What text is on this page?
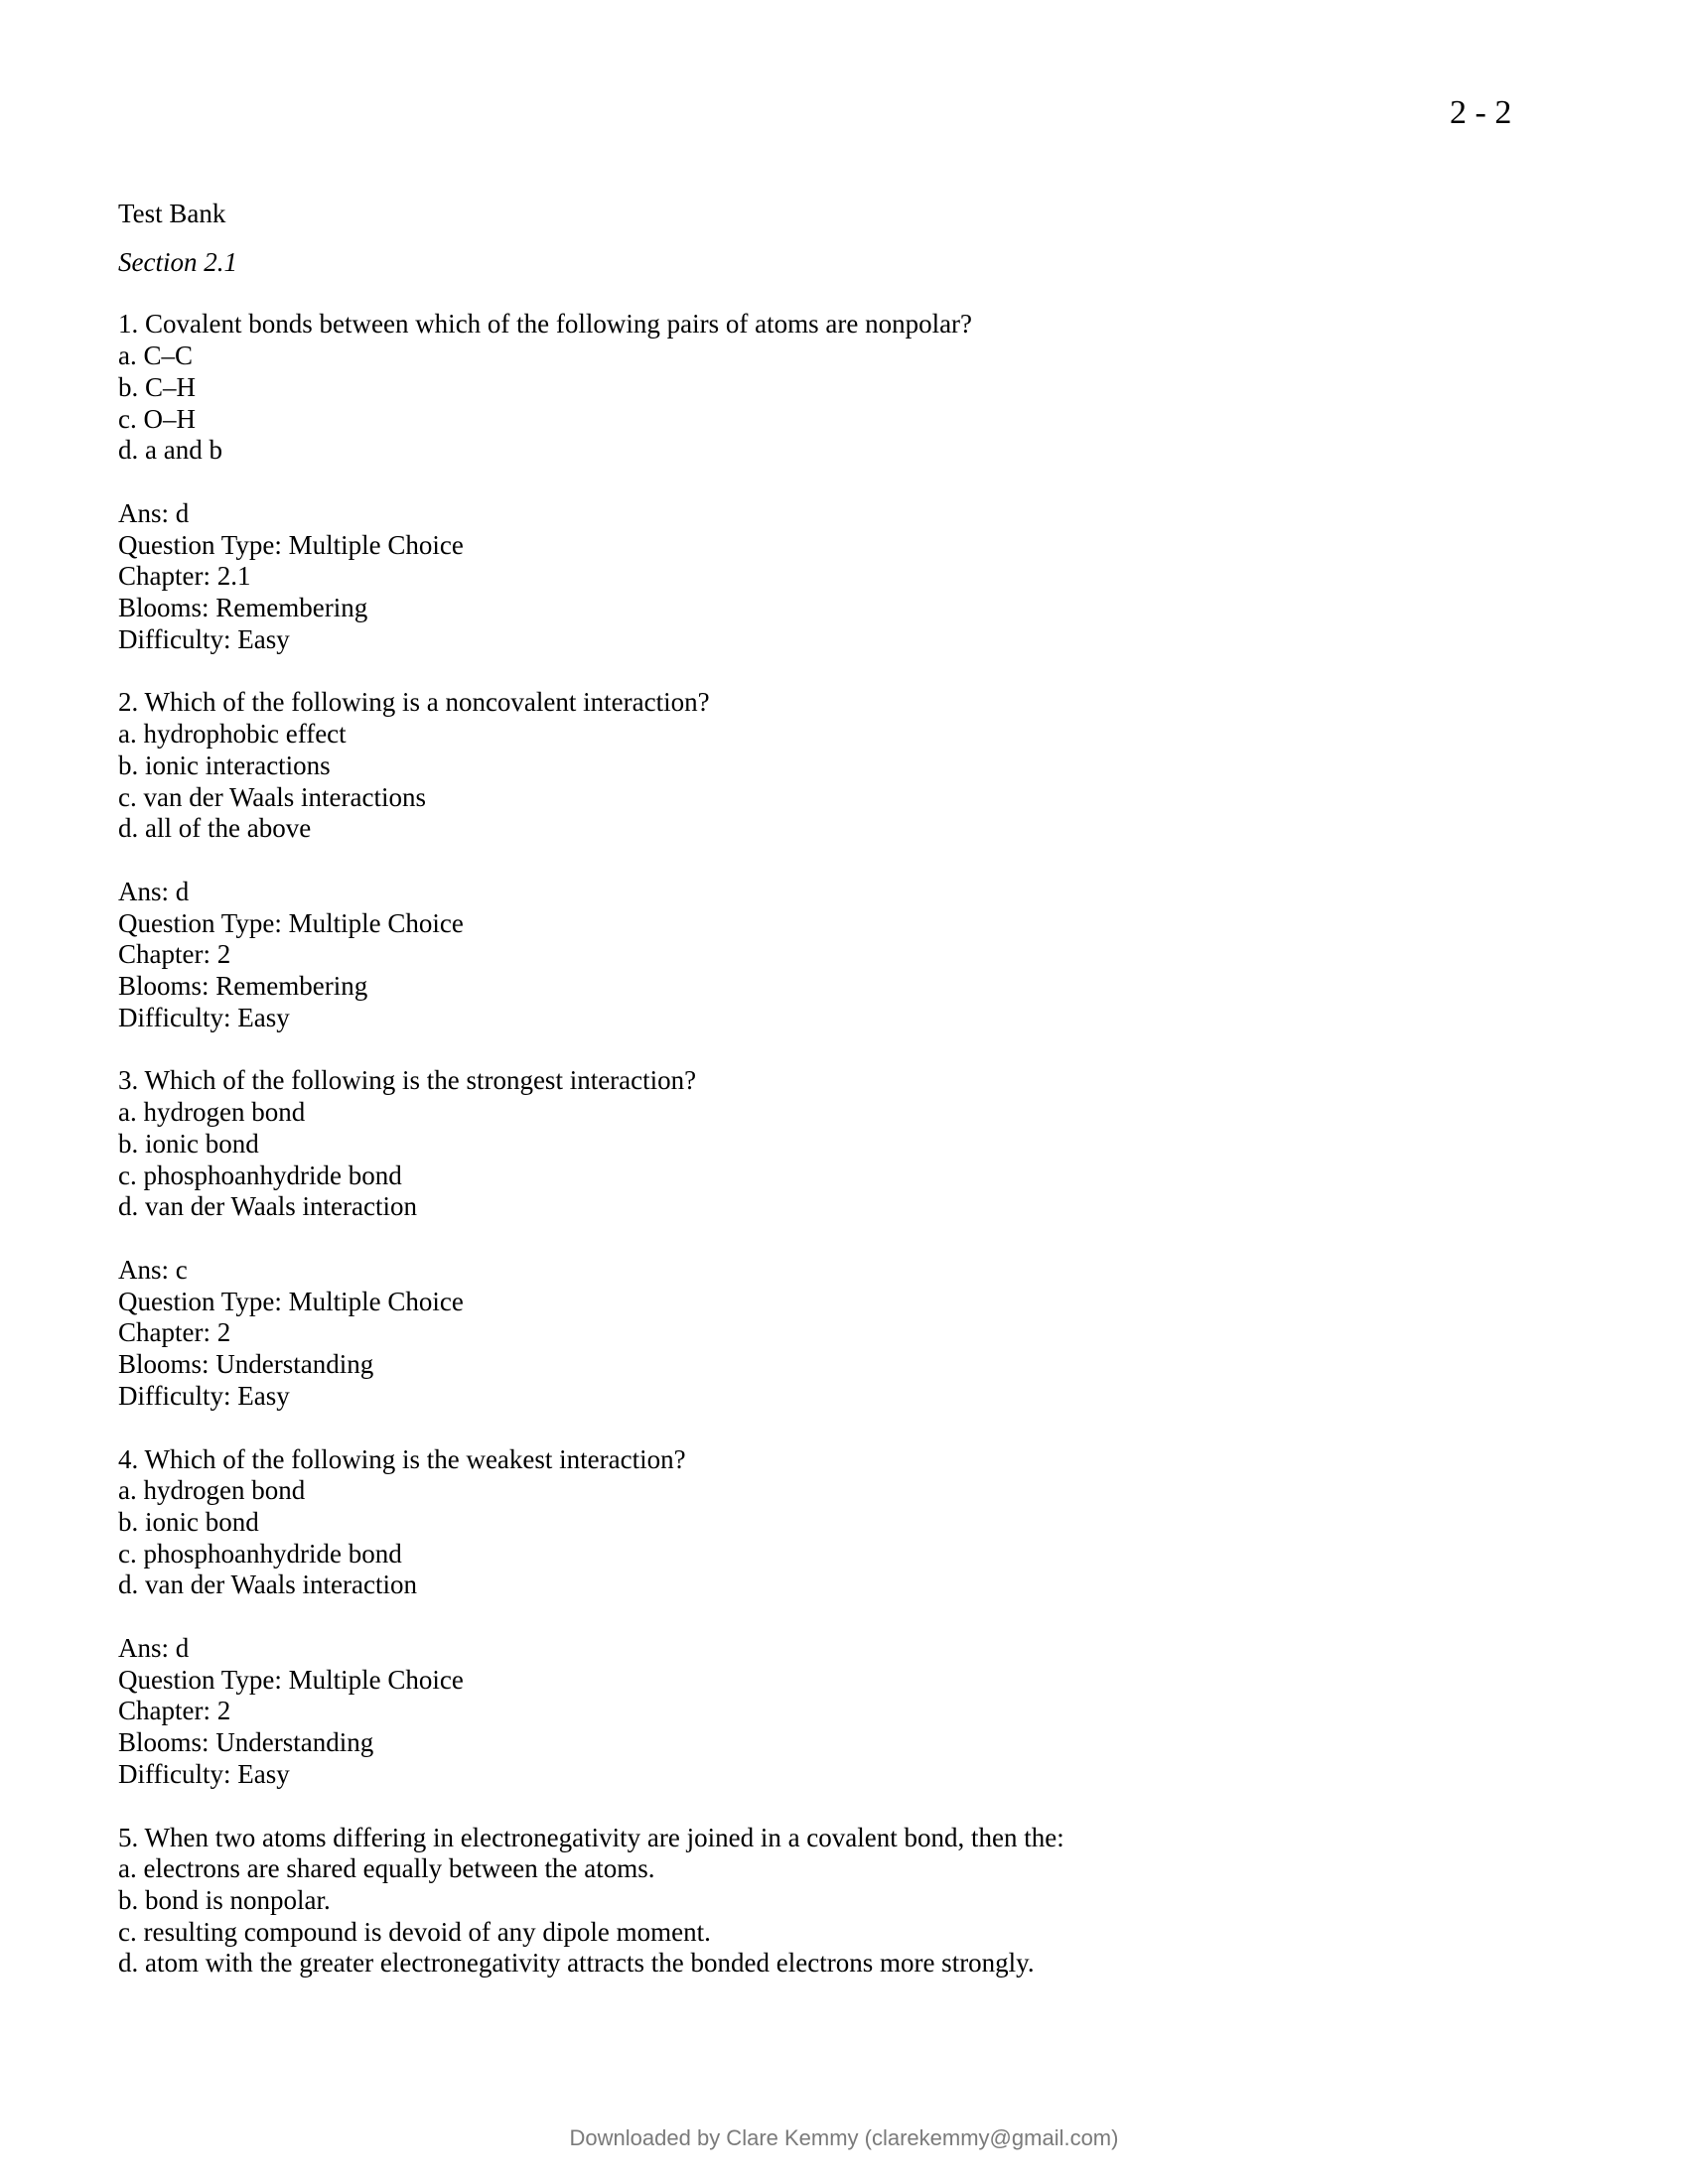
2 - 2

Test Bank

Section 2.1

1. Covalent bonds between which of the following pairs of atoms are nonpolar?
a. C–C
b. C–H
c. O–H
d. a and b
Ans: d
Question Type: Multiple Choice
Chapter: 2.1
Blooms: Remembering
Difficulty: Easy
2. Which of the following is a noncovalent interaction?
a. hydrophobic effect
b. ionic interactions
c. van der Waals interactions
d. all of the above
Ans: d
Question Type: Multiple Choice
Chapter: 2
Blooms: Remembering
Difficulty: Easy
3. Which of the following is the strongest interaction?
a. hydrogen bond
b. ionic bond
c. phosphoanhydride bond
d. van der Waals interaction
Ans: c
Question Type: Multiple Choice
Chapter: 2
Blooms: Understanding
Difficulty: Easy
4. Which of the following is the weakest interaction?
a. hydrogen bond
b. ionic bond
c. phosphoanhydride bond
d. van der Waals interaction
Ans: d
Question Type: Multiple Choice
Chapter: 2
Blooms: Understanding
Difficulty: Easy
5. When two atoms differing in electronegativity are joined in a covalent bond, then the:
a. electrons are shared equally between the atoms.
b. bond is nonpolar.
c. resulting compound is devoid of any dipole moment.
d. atom with the greater electronegativity attracts the bonded electrons more strongly.
Downloaded by Clare Kemmy (clarekemmy@gmail.com)
